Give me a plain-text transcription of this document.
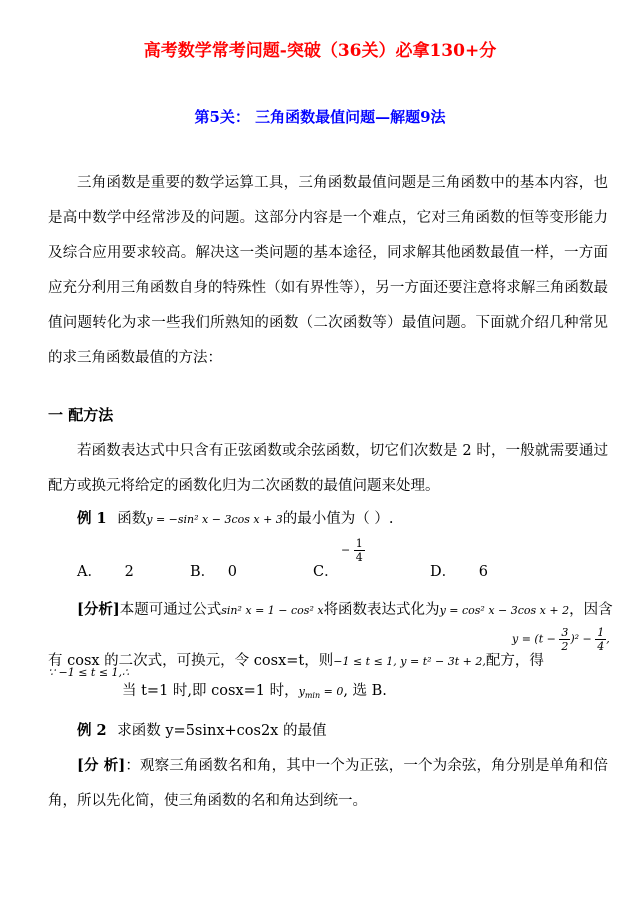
高考数学常考问题-突破（36关）必拿130+分
第5关： 三角函数最值问题—解题9法
三角函数是重要的数学运算工具，三角函数最值问题是三角函数中的基本内容，也是高中数学中经常涉及的问题。这部分内容是一个难点，它对三角函数的恒等变形能力及综合应用要求较高。解决这一类问题的基本途径，同求解其他函数最值一样，一方面应充分利用三角函数自身的特殊性（如有界性等），另一方面还要注意将求解三角函数最值问题转化为求一些我们所熟知的函数（二次函数等）最值问题。下面就介绍几种常见的求三角函数最值的方法：
一 配方法
若函数表达式中只含有正弦函数或余弦函数，切它们次数是 2 时，一般就需要通过配方或换元将给定的函数化归为二次函数的最值问题来处理。
例 1 函数y = −sin² x − 3cos x + 3的最小值为（ ）.
A． 2	B． 0	C．
− $\frac{1}{4}$
D． 6
[分析]本题可通过公式sin² x = 1 − cos² x将函数表达式化为y = cos² x − 3cos x + 2，因含
有 cosx 的二次式，可换元，令 cosx=t，则−1 ≤ t ≤ 1, y = t² − 3t + 2,配方，得
$y = (t - \frac{3}{2} )^2 - \frac{1}{4}$ ,
∵ −1 ≤ t ≤ 1,∴
当 t=1 时,即 cosx=1 时，$y_{min} = 0$, 选 B.
例 2 求函数 y=5sinx+cos2x 的最值
[分 析]：观察三角函数名和角，其中一个为正弦，一个为余弦，角分别是单角和倍角，所以先化简，使三角函数的名和角达到统一。
